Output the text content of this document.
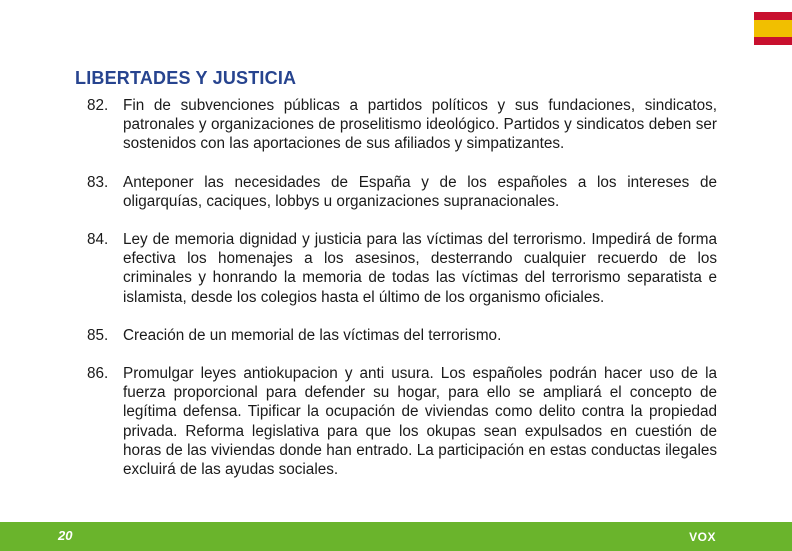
LIBERTADES Y JUSTICIA
82. Fin de subvenciones públicas a partidos políticos y sus fundaciones, sindicatos, patronales y organizaciones de proselitismo ideológico. Partidos y sindicatos deben ser sostenidos con las aportaciones de sus afiliados y simpatizantes.
83. Anteponer las necesidades de España y de los españoles a los intereses de oligarquías, caciques, lobbys u organizaciones supranacionales.
84. Ley de memoria dignidad y justicia para las víctimas del terrorismo. Impedirá de forma efectiva los homenajes a los asesinos, desterrando cualquier recuerdo de los criminales y honrando la memoria de todas las víctimas del terrorismo separatista e islamista, desde los colegios hasta el último de los organismo oficiales.
85. Creación de un memorial de las víctimas del terrorismo.
86. Promulgar leyes antiokupacion y anti usura. Los españoles podrán hacer uso de la fuerza proporcional para defender su hogar, para ello se ampliará el concepto de legítima defensa. Tipificar la ocupación de viviendas como delito contra la propiedad privada. Reforma legislativa para que los okupas sean expulsados en cuestión de horas de las viviendas donde han entrado. La participación en estas conductas ilegales excluirá de las ayudas sociales.
20	VOX
